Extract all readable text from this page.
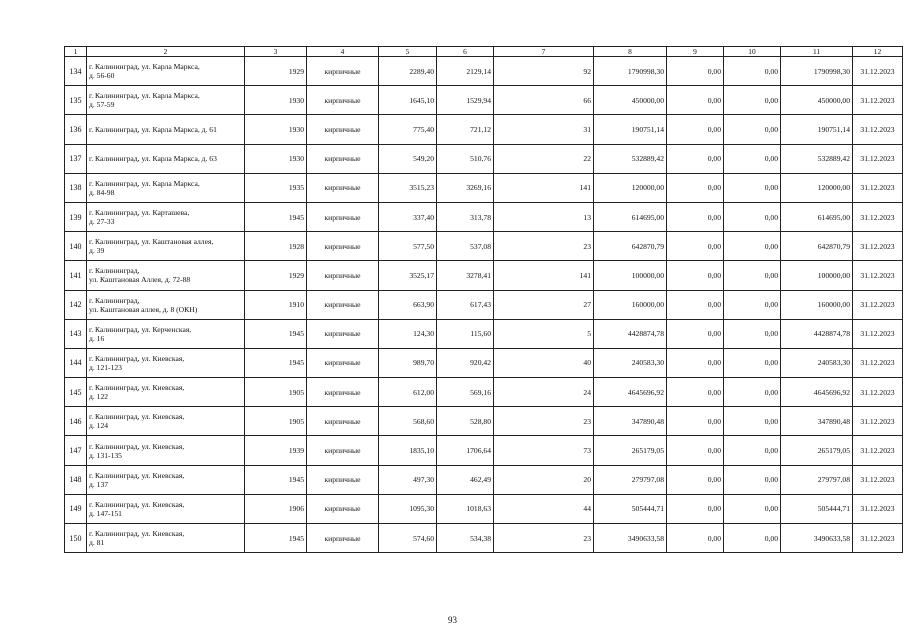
1	2	3	4	5	6	7	8	9	10	11	12
134	г. Калининград, ул. Карла Маркса,
д. 56-60	1929	кирпичные	2289,40	2129,14	92	1790998,30	0,00	0,00	1790998,30	31.12.2023
135	г. Калининград, ул. Карла Маркса,
д. 57-59	1930	кирпичные	1645,10	1529,94	66	450000,00	0,00	0,00	450000,00	31.12.2023
136	г. Калининград, ул. Карла Маркса, д. 61	1930	кирпичные	775,40	721,12	31	190751,14	0,00	0,00	190751,14	31.12.2023
137	г. Калининград, ул. Карла Маркса, д. 63	1930	кирпичные	549,20	510,76	22	532889,42	0,00	0,00	532889,42	31.12.2023
138	г. Калининград, ул. Карла Маркса,
д. 84-98	1935	кирпичные	3515,23	3269,16	141	120000,00	0,00	0,00	120000,00	31.12.2023
139	г. Калининград, ул. Карташева,
д. 27-33	1945	кирпичные	337,40	313,78	13	614695,00	0,00	0,00	614695,00	31.12.2023
140	г. Калининград, ул. Каштановая аллея,
д. 39	1928	кирпичные	577,50	537,08	23	642870,79	0,00	0,00	642870,79	31.12.2023
141	г. Калининград,
ул. Каштановая Аллея, д. 72-88	1929	кирпичные	3525,17	3278,41	141	100000,00	0,00	0,00	100000,00	31.12.2023
142	г. Калининград,
ул. Каштановая аллея, д. 8 (ОКН)	1910	кирпичные	663,90	617,43	27	160000,00	0,00	0,00	160000,00	31.12.2023
143	г. Калининград, ул. Керченская,
д. 16	1945	кирпичные	124,30	115,60	5	4428874,78	0,00	0,00	4428874,78	31.12.2023
144	г. Калининград, ул. Киевская,
д. 121-123	1945	кирпичные	989,70	920,42	40	240583,30	0,00	0,00	240583,30	31.12.2023
145	г. Калининград, ул. Киевская,
д. 122	1905	кирпичные	612,00	569,16	24	4645696,92	0,00	0,00	4645696,92	31.12.2023
146	г. Калининград, ул. Киевская,
д. 124	1905	кирпичные	568,60	528,80	23	347890,48	0,00	0,00	347890,48	31.12.2023
147	г. Калининград, ул. Киевская,
д. 131-135	1939	кирпичные	1835,10	1706,64	73	265179,05	0,00	0,00	265179,05	31.12.2023
148	г. Калининград, ул. Киевская,
д. 137	1945	кирпичные	497,30	462,49	20	279797,08	0,00	0,00	279797,08	31.12.2023
149	г. Калининград, ул. Киевская,
д. 147-151	1906	кирпичные	1095,30	1018,63	44	505444,71	0,00	0,00	505444,71	31.12.2023
150	г. Калининград, ул. Киевская,
д. 81	1945	кирпичные	574,60	534,38	23	3490633,58	0,00	0,00	3490633,58	31.12.2023
93
